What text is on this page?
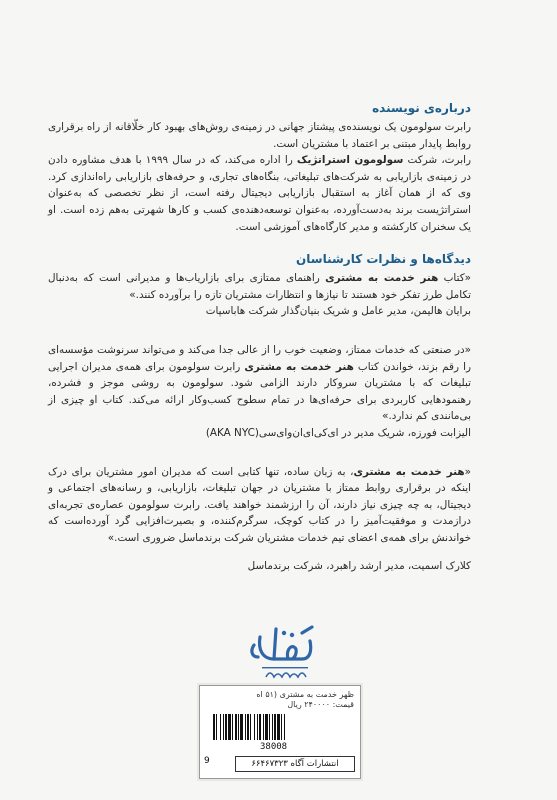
درباره‌ی نویسنده

رابرت سولومون یک نویسنده‌ی پیشتاز جهانی در زمینه‌ی روش‌های بهبود کار خلّاقانه از راه برقراری روابط پایدار مبتنی بر اعتماد با مشتریان است.

رابرت، شرکت سولومون استراتژیک را اداره می‌کند، که در سال ۱۹۹۹ با هدف مشاوره دادن در زمینه‌ی بازاریابی به شرکت‌های تبلیغاتی، بنگاه‌های تجاری، و حرفه‌های بازاریابی راه‌اندازی کرد. وی که از همان آغاز به استقبال بازاریابی دیجیتال رفته است، از نظر تخصصی که به‌عنوان استراتژیست برند به‌دست‌آورده، به‌عنوان توسعه‌دهنده‌ی کسب‌ و کارها شهرتی به‌هم زده است. او یک سخنران کارکشته و مدیر کارگاه‌های آموزشی است.

دیدگاه‌ها و نظرات کارشناسان

«کتاب هنر خدمت به مشتری راهنمای ممتازی برای بازاریاب‌ها و مدیرانی است که به‌دنبال تکامل طرز تفکر خود هستند تا نیازها و انتظارات مشتریان تازه را برآورده کنند.»

برایان هالیمن، مدیر عامل و شریک بنیان‌گذار شرکت هاباسپات

«در صنعتی که خدمات ممتاز، وضعیت خوب را از عالی جدا می‌کند و می‌تواند سرنوشت مؤسسه‌ای را رقم بزند، خواندن کتاب هنر خدمت به مشتری رابرت سولومون برای همه‌ی مدیران اجرایی تبلیغات که با مشتریان سروکار دارند الزامی شود. سولومون به روشی موجز و فشرده، رهنمودهایی کاربردی برای حرفه‌ای‌ها در تمام سطوح کسب‌وکار ارائه می‌کند. کتاب او چیزی از بی‌مانندی کم ندارد.»

الیزابت فورزه، شریک مدیر در ای‌کی‌ای‌ان‌وای‌سی(AKA NYC)

«هنر خدمت به مشتری، به زبان ساده، تنها کتابی است که مدیران امور مشتریان برای درک اینکه در برقراری روابط ممتاز با مشتریان در جهان تبلیغات، بازاریابی، و رسانه‌های اجتماعی و دیجیتال، به چه چیزی نیاز دارند، آن را ارزشمند خواهند یافت. رابرت سولومون عصاره‌ی تجربه‌ای درازمدت و موفقیت‌آمیز را در کتاب کوچک، سرگرم‌کننده، و بصیرت‌افزایی گرد آورده‌است که خواندنش برای همه‌ی اعضای تیم خدمات مشتریان شرکت برندماسل ضروری است.»

کلارک اسمیت، مدیر ارشد راهبرد، شرکت برندماسل

ظهر خدمت به مشتری (۵۱ ا‌ه
قیمت: ۲۴۰۰۰۰ ریال
38008
انتشارات آگاه ۶۶۴۶۷۳۲۳
9
